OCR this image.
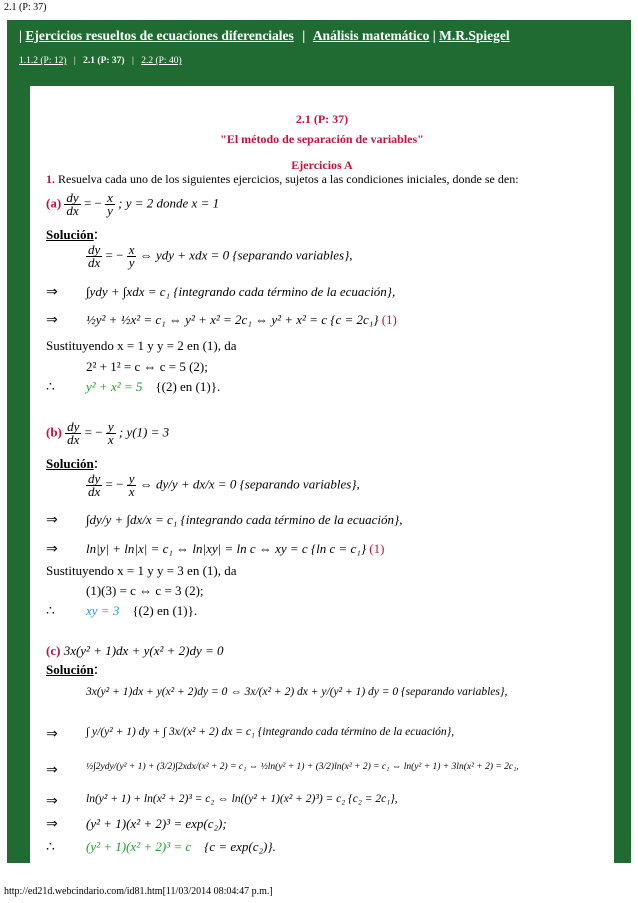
2.1 (P: 37)
| Ejercicios resueltos de ecuaciones diferenciales | Análisis matemático | M.R.Spiegel
1.1.2 (P: 12) | 2.1 (P: 37) | 2.2 (P: 40)
2.1 (P: 37)
"El método de separación de variables"
Ejercicios A
1. Resuelva cada uno de los siguientes ejercicios, sujetos a las condiciones iniciales, donde se den:
$(a) \frac{dy}{dx}$ = − $\frac{x}{y}$ ; y = 2 donde x = 1
Solución:
$\frac{dy}{dx}$ = − $\frac{x}{y}$ ⇔ ydy + xdx = 0 {separando variables},
⇒ ∫ydy + ∫xdx = c₁ {integrando cada término de la ecuación},
⇒ ½y² + ½x² = c₁ ⇔ y² + x² = 2c₁ ⇔ y² + x² = c {c = 2c₁} (1)
Sustituyendo x = 1 y y = 2 en (1), da
2² + 1² = c ⇔ c = 5 (2);
∴ y² + x² = 5 {(2) en (1)}.
$(b) \frac{dy}{dx}$ = − $\frac{y}{x}$ ; y(1) = 3
Solución:
$\frac{dy}{dx}$ = − $\frac{y}{x}$ ⇔ dy/y + dx/x = 0 {separando variables},
⇒ ∫dy/y + ∫dx/x = c₁ {integrando cada término de la ecuación},
⇒ ln|y| + ln|x| = c₁ ⇔ ln|xy| = ln c ⇔ xy = c {ln c = c₁} (1)
Sustituyendo x = 1 y y = 3 en (1), da
(1)(3) = c ⇔ c = 3 (2);
∴ xy = 3 {(2) en (1)}.
(c) 3x(y² + 1)dx + y(x² + 2)dy = 0
Solución:
3x(y² + 1)dx + y(x² + 2)dy = 0 ⇔ 3x/(x² + 2) dx + y/(y² + 1) dy = 0 {separando variables},
⇒ ∫ y/(y² + 1) dy + ∫ 3x/(x² + 2) dx = c₁ {integrando cada término de la ecuación},
⇒	½∫2ydy/(y² + 1) + (3/2)∫2xdx/(x² + 2) = c₁ ⇔ ½ln(y² + 1) + (3/2)ln(x² + 2) = c₁ ⇔ ln(y² + 1) + 3ln(x² + 2) = 2c₁,
⇒ ln(y² + 1) + ln(x² + 2)³ = c₂ ⇔ ln((y² + 1)(x² + 2)³) = c₂ {c₂ = 2c₁},
⇒ (y² + 1)(x² + 2)³ = exp(c₂);
∴ (y² + 1)(x² + 2)³ = c {c = exp(c₂)}.
http://ed21d.webcindario.com/id81.htm[11/03/2014 08:04:47 p.m.]
